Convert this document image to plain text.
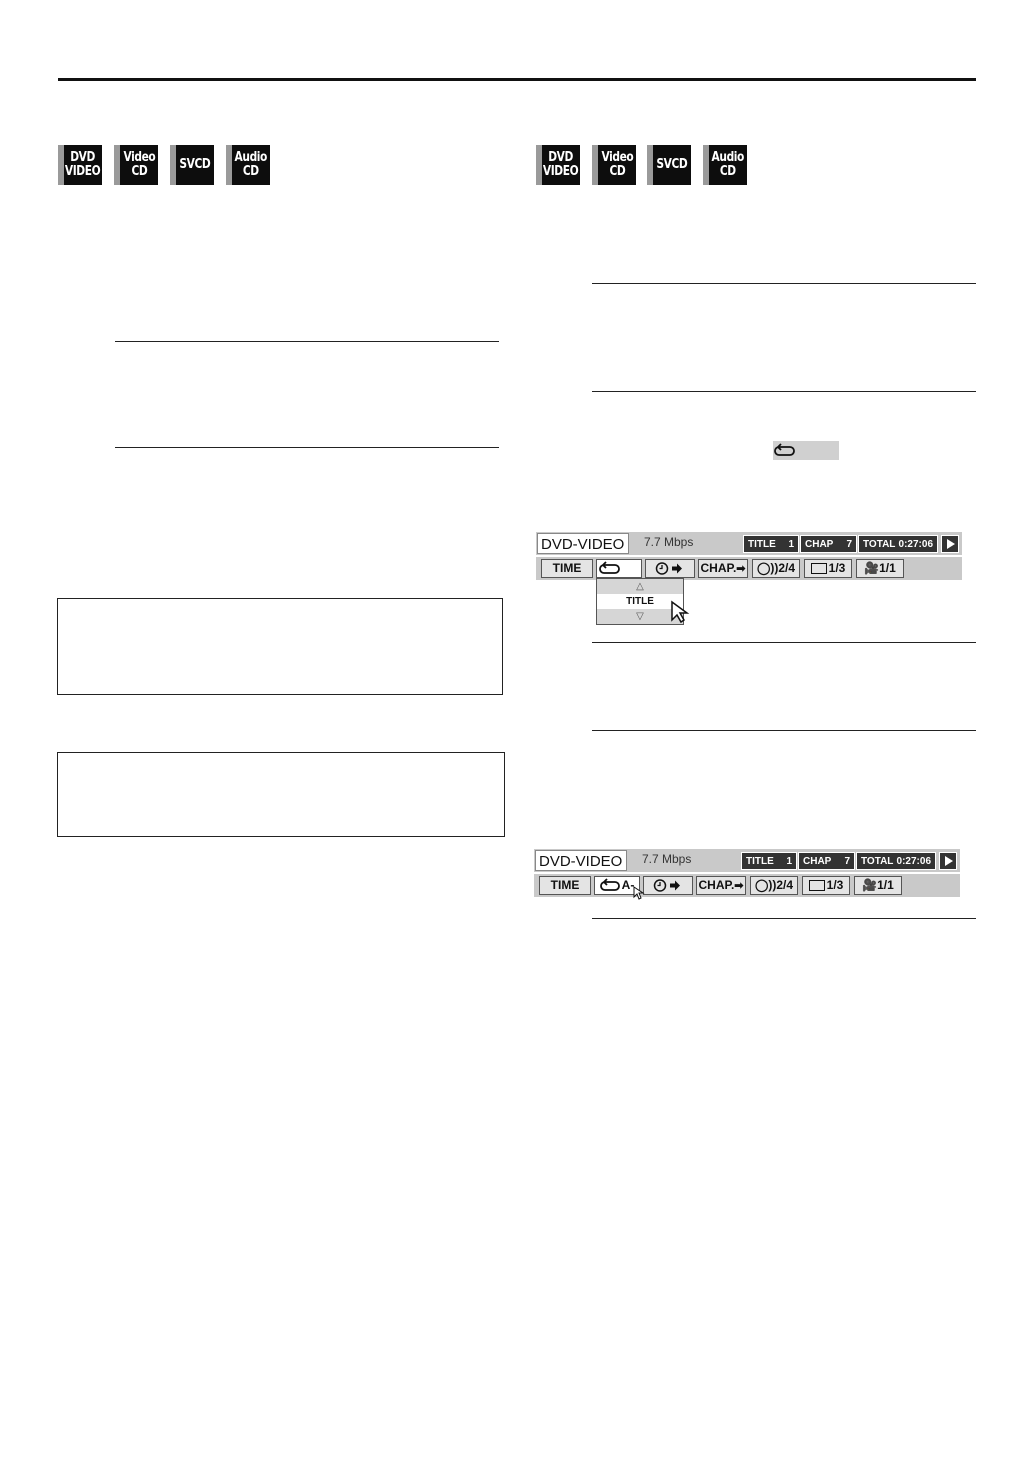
DVD
VIDEO
Video
CD	SVCD Audio
CD
DVD
VIDEO
Video
CD	SVCD Audio
CD
DVD-VIDEO	7.7 Mbps	TITLE 1	CHAP 7	TOTAL 0:27:06
TIME	CHAP.➡ ◯))2/4	1/3	🎥1/1
△
TITLE
▽
DVD-VIDEO	7.7 Mbps	TITLE 1	CHAP 7	TOTAL 0:27:06
TIME	A-	CHAP.➡ ◯))2/4	1/3	🎥1/1
